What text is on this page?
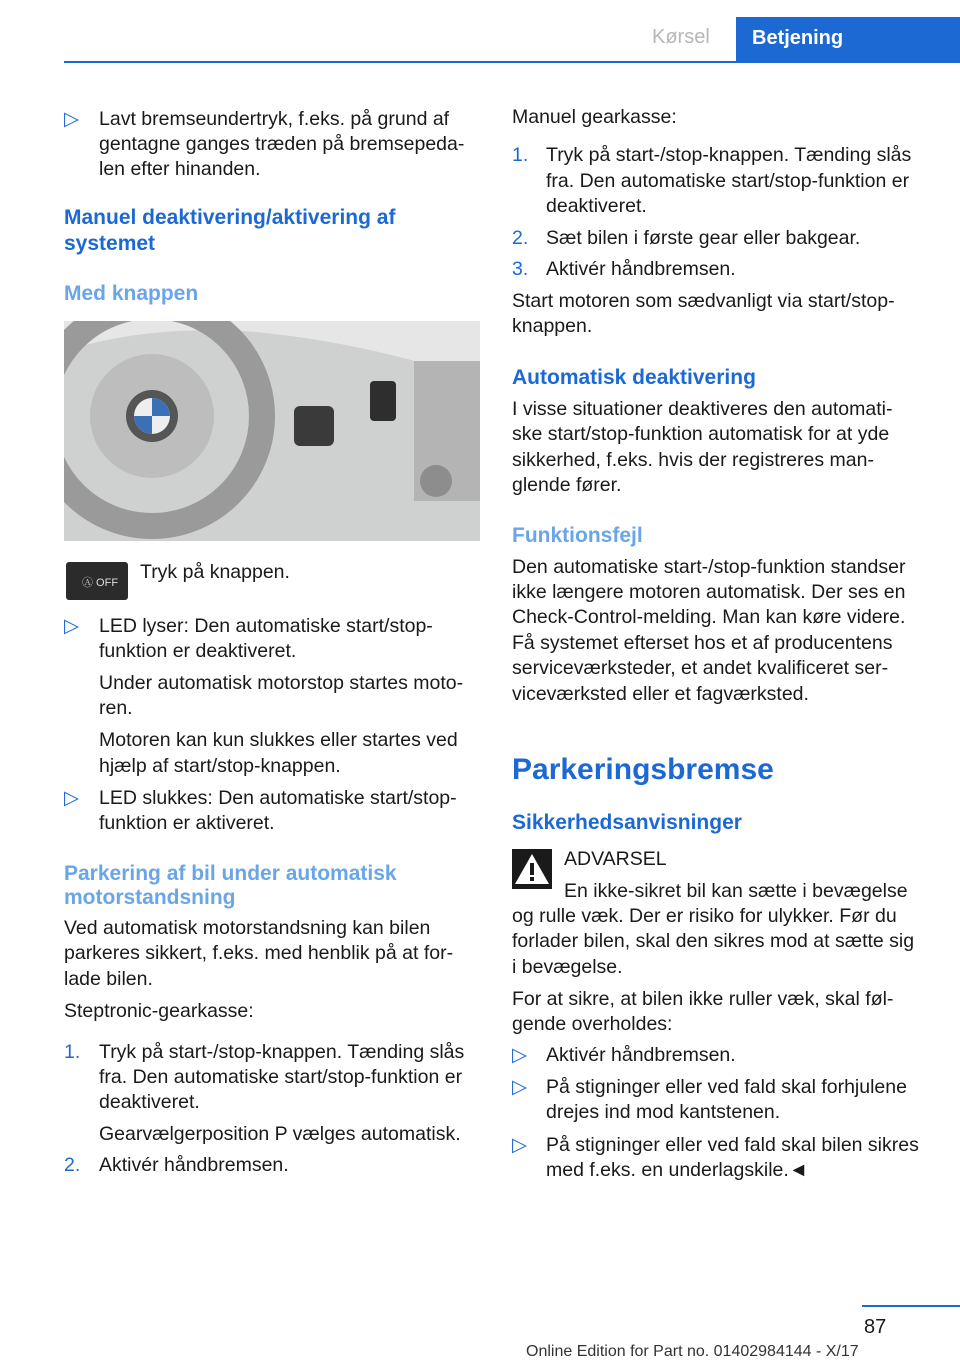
Kørsel	Betjening
▷ Lavt bremseundertryk, f.eks. på grund af
gentagne ganges træden på bremsepeda-
len efter hinanden.
Manuel deaktivering/aktivering af
systemet
Med knappen
Ⓐ OFF	Tryk på knappen.
▷ LED lyser: Den automatiske start/stop-
funktion er deaktiveret.
Under automatisk motorstop startes moto-
ren.
Motoren kan kun slukkes eller startes ved
hjælp af start/stop-knappen.
▷ LED slukkes: Den automatiske start/stop-
funktion er aktiveret.
Parkering af bil under automatisk
motorstandsning
Ved automatisk motorstandsning kan bilen
parkeres sikkert, f.eks. med henblik på at for-
lade bilen.
Steptronic-gearkasse:
1. Tryk på start-/stop-knappen. Tænding slås
fra. Den automatiske start/stop-funktion er
deaktiveret.
Gearvælgerposition P vælges automatisk.
2. Aktivér håndbremsen.
Manuel gearkasse:
1. Tryk på start-/stop-knappen. Tænding slås
fra. Den automatiske start/stop-funktion er
deaktiveret.
2. Sæt bilen i første gear eller bakgear.
3. Aktivér håndbremsen.
Start motoren som sædvanligt via start/stop-
knappen.
Automatisk deaktivering
I visse situationer deaktiveres den automati-
ske start/stop-funktion automatisk for at yde
sikkerhed, f.eks. hvis der registreres man-
glende fører.
Funktionsfejl
Den automatiske start-/stop-funktion standser
ikke længere motoren automatisk. Der ses en
Check-Control-melding. Man kan køre videre.
Få systemet efterset hos et af producentens
serviceværksteder, et andet kvalificeret ser-
viceværksted eller et fagværksted.
Parkeringsbremse
Sikkerhedsanvisninger
ADVARSEL
En ikke-sikret bil kan sætte i bevægelse
og rulle væk. Der er risiko for ulykker. Før du
forlader bilen, skal den sikres mod at sætte sig
i bevægelse.
For at sikre, at bilen ikke ruller væk, skal føl-
gende overholdes:
▷ Aktivér håndbremsen.
▷ På stigninger eller ved fald skal forhjulene
drejes ind mod kantstenen.
▷ På stigninger eller ved fald skal bilen sikres
med f.eks. en underlagskile.◄
87
Online Edition for Part no. 01402984144 - X/17
